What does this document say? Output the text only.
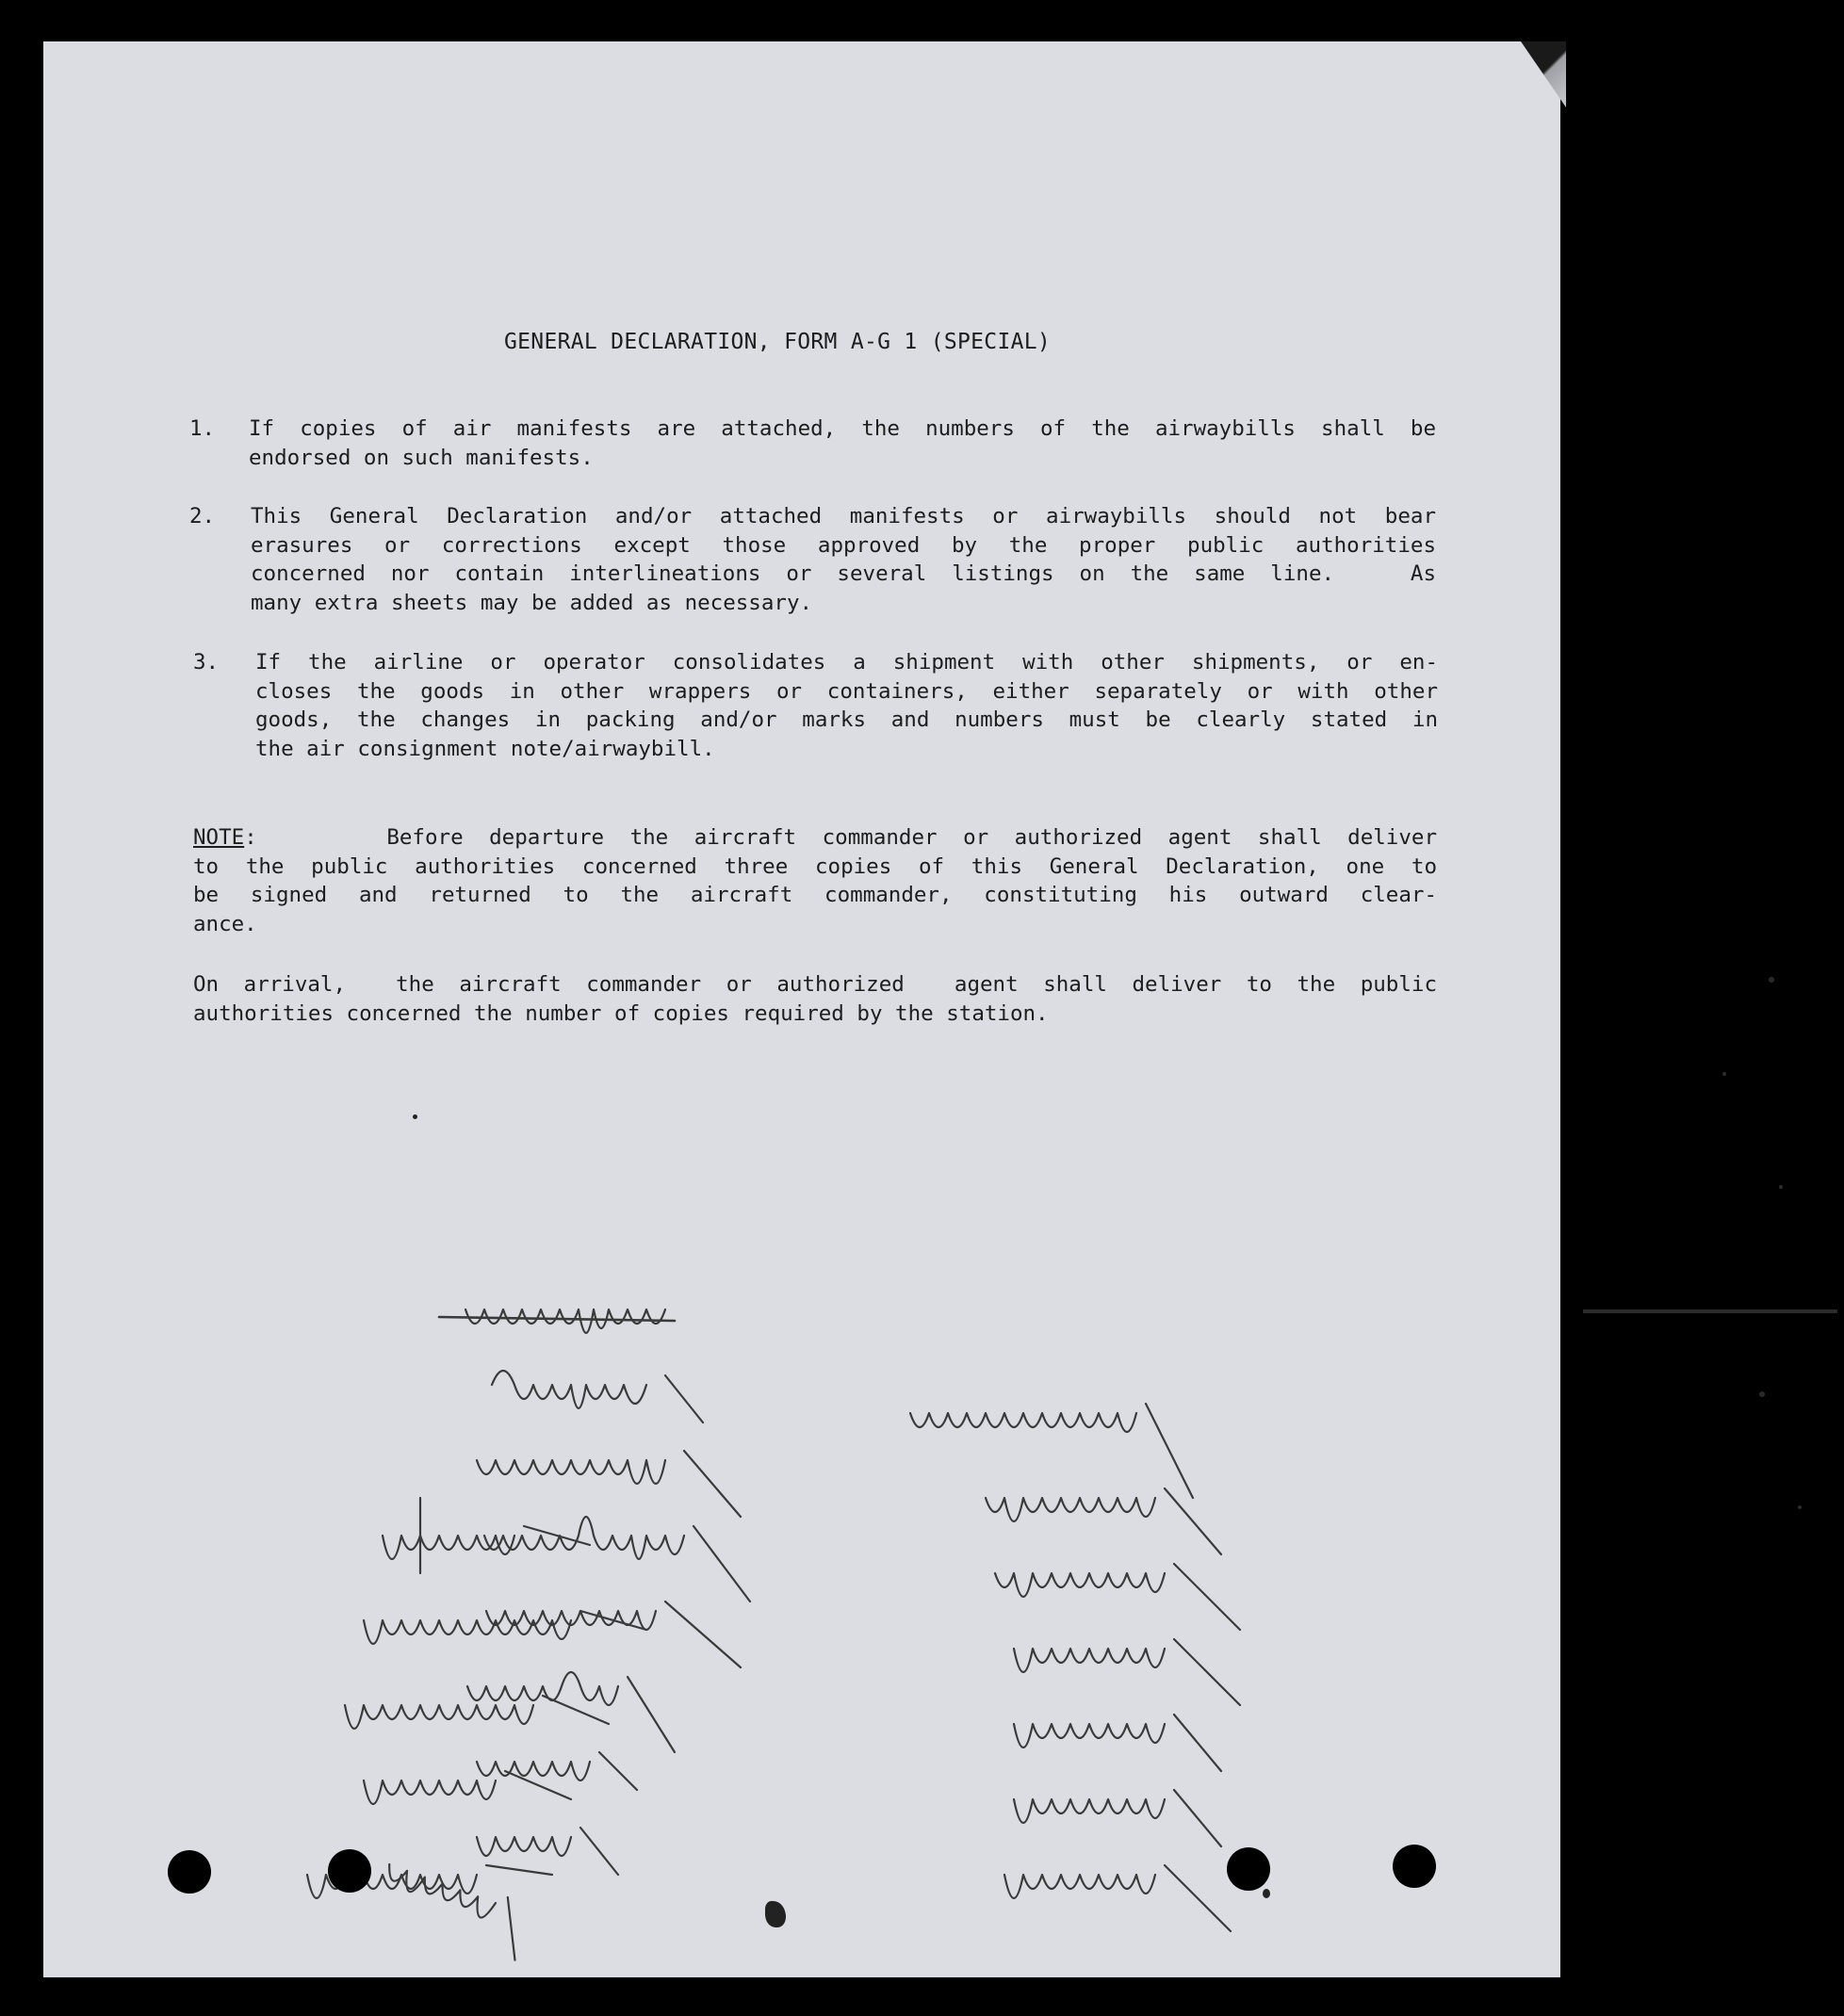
GENERAL DECLARATION, FORM A-G 1 (SPECIAL)
1. If copies of air manifests are attached, the numbers of the airwaybills shall be
endorsed on such manifests.
2. This General Declaration and/or attached manifests or airwaybills should not bear
erasures or corrections except those approved by the proper public authorities
concerned nor contain interlineations or several listings on the same line.   As
many extra sheets may be added as necessary.
3. If the airline or operator consolidates a shipment with other shipments, or en-
closes the goods in other wrappers or containers, either separately or with other
goods, the changes in packing and/or marks and numbers must be clearly stated in
the air consignment note/airwaybill.
NOTE:     Before departure the aircraft commander or authorized agent shall deliver
to the public authorities concerned three copies of this General Declaration, one to
be signed and returned to the aircraft commander, constituting his outward clear-
ance.
On arrival,  the aircraft commander or authorized  agent shall deliver to the public
authorities concerned the number of copies required by the station.
